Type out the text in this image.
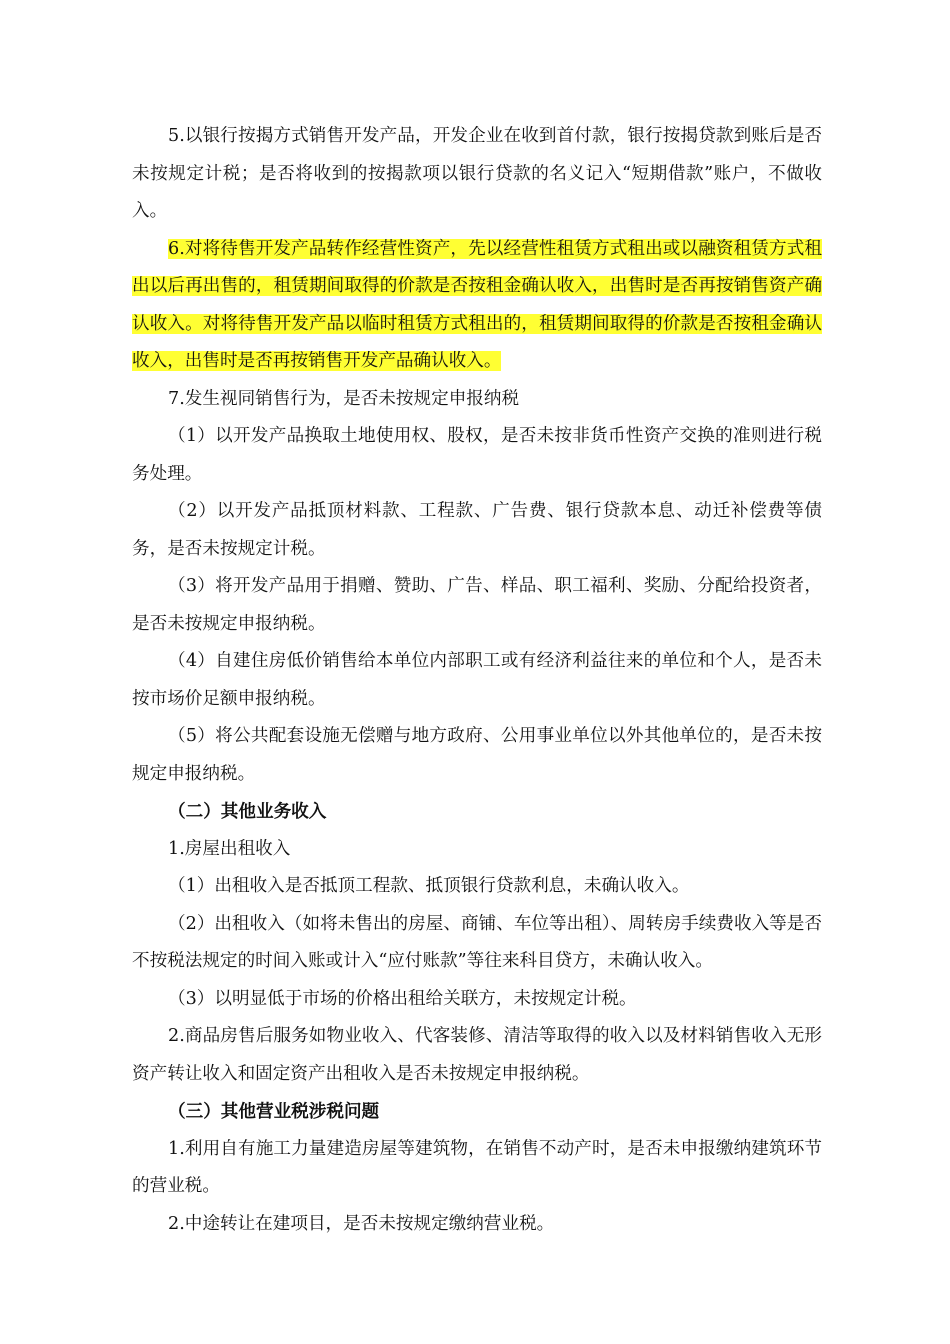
5.以银行按揭方式销售开发产品，开发企业在收到首付款，银行按揭贷款到账后是否未按规定计税；是否将收到的按揭款项以银行贷款的名义记入“短期借款”账户，不做收入。

6.对将待售开发产品转作经营性资产，先以经营性租赁方式租出或以融资租赁方式租出以后再出售的，租赁期间取得的价款是否按租金确认收入，出售时是否再按销售资产确认收入。对将待售开发产品以临时租赁方式租出的，租赁期间取得的价款是否按租金确认收入，出售时是否再按销售开发产品确认收入。

7.发生视同销售行为，是否未按规定申报纳税

（1）以开发产品换取土地使用权、股权，是否未按非货币性资产交换的准则进行税务处理。

（2）以开发产品抵顶材料款、工程款、广告费、银行贷款本息、动迁补偿费等债务，是否未按规定计税。

（3）将开发产品用于捐赠、赞助、广告、样品、职工福利、奖励、分配给投资者，是否未按规定申报纳税。

（4）自建住房低价销售给本单位内部职工或有经济利益往来的单位和个人，是否未按市场价足额申报纳税。

（5）将公共配套设施无偿赠与地方政府、公用事业单位以外其他单位的，是否未按规定申报纳税。

（二）其他业务收入

1.房屋出租收入

（1）出租收入是否抵顶工程款、抵顶银行贷款利息，未确认收入。

（2）出租收入（如将未售出的房屋、商铺、车位等出租）、周转房手续费收入等是否不按税法规定的时间入账或计入“应付账款”等往来科目贷方，未确认收入。

（3）以明显低于市场的价格出租给关联方，未按规定计税。

2.商品房售后服务如物业收入、代客装修、清洁等取得的收入以及材料销售收入无形资产转让收入和固定资产出租收入是否未按规定申报纳税。

（三）其他营业税涉税问题

1.利用自有施工力量建造房屋等建筑物，在销售不动产时，是否未申报缴纳建筑环节的营业税。

2.中途转让在建项目，是否未按规定缴纳营业税。
